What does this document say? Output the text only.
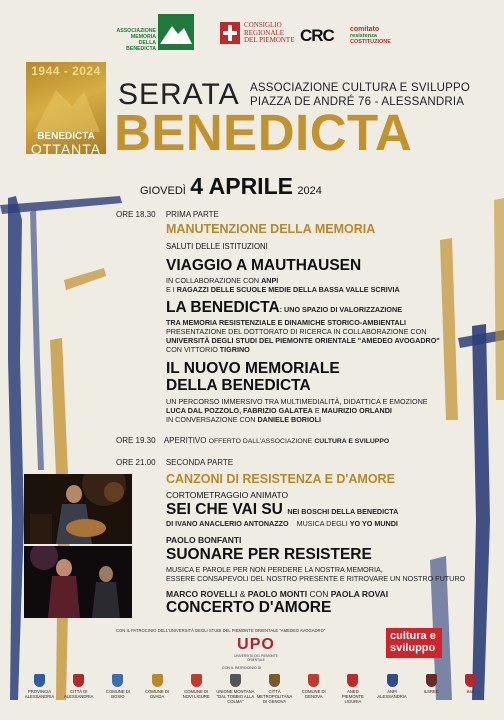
ASSOCIAZIONE
MEMORIA
DELLA BENEDICTA
CONSIGLIO
REGIONALE
DEL PIEMONTE CRC comitato
resistenza
COSTITUZIONE
1944 - 2024
BENEDICTA
OTTANTA
SERATA ASSOCIAZIONE CULTURA E SVILUPPO
PIAZZA DE ANDRÉ 76 - ALESSANDRIA
BENEDICTA
GIOVEDÌ 4 APRILE 2024
ORE 18.30 PRIMA PARTE
MANUTENZIONE DELLA MEMORIA
SALUTI DELLE ISTITUZIONI
VIAGGIO A MAUTHAUSEN
IN COLLABORAZIONE CON ANPI
E I RAGAZZI DELLE SCUOLE MEDIE DELLA BASSA VALLE SCRIVIA
LA BENEDICTA: UNO SPAZIO DI VALORIZZAZIONE
TRA MEMORIA RESISTENZIALE E DINAMICHE STORICO-AMBIENTALI
PRESENTAZIONE DEL DOTTORATO DI RICERCA IN COLLABORAZIONE CON
UNIVERSITÀ DEGLI STUDI DEL PIEMONTE ORIENTALE "AMEDEO AVOGADRO"
CON VITTORIO TIGRINO
IL NUOVO MEMORIALE
DELLA BENEDICTA
UN PERCORSO IMMERSIVO TRA MULTIMEDIALITÀ, DIDATTICA E EMOZIONE
LUCA DAL POZZOLO, FABRIZIO GALATEA E MAURIZIO ORLANDI
IN CONVERSAZIONE CON DANIELE BORIOLI
ORE 19.30 APERITIVO OFFERTO DALL'ASSOCIAZIONE CULTURA E SVILUPPO
ORE 21.00 SECONDA PARTE
CANZONI DI RESISTENZA E D'AMORE
CORTOMETRAGGIO ANIMATO
SEI CHE VAI SU NEI BOSCHI DELLA BENEDICTA
DI IVANO ANACLERIO ANTONAZZO MUSICA DEGLI YO YO MUNDI
PAOLO BONFANTI
SUONARE PER RESISTERE
MUSICA E PAROLE PER NON PERDERE LA NOSTRA MEMORIA,
ESSERE CONSAPEVOLI DEL NOSTRO PRESENTE E RITROVARE UN NOSTRO FUTURO
MARCO ROVELLI & PAOLO MONTI CON PAOLA ROVAI
CONCERTO D'AMORE
CON IL PATROCINIO DELL'UNIVERSITÀ DEGLI STUDI DEL PIEMONTE ORIENTALE "AMEDEO AVOGADRO"
UPO
UNIVERSITÀ DEL PIEMONTE ORIENTALE
cultura e
sviluppo
CON IL PATROCINIO DI
PROVINCIA
ALESSANDRIA
CITTÀ DI
ALESSANDRIA
COMUNE DI
BOSIO
COMUNE DI
OVADA
COMUNE DI
NOVI LIGURE
UNIONE MONTANA
"DAL TOBBIO ALLA COLMA"
CITTÀ METROPOLITANA
DI GENOVA
COMUNE DI
GENOVA
ANED
PIEMONTE LIGURIA
ANPI
ALESSANDRIA
ILSREC	isral
